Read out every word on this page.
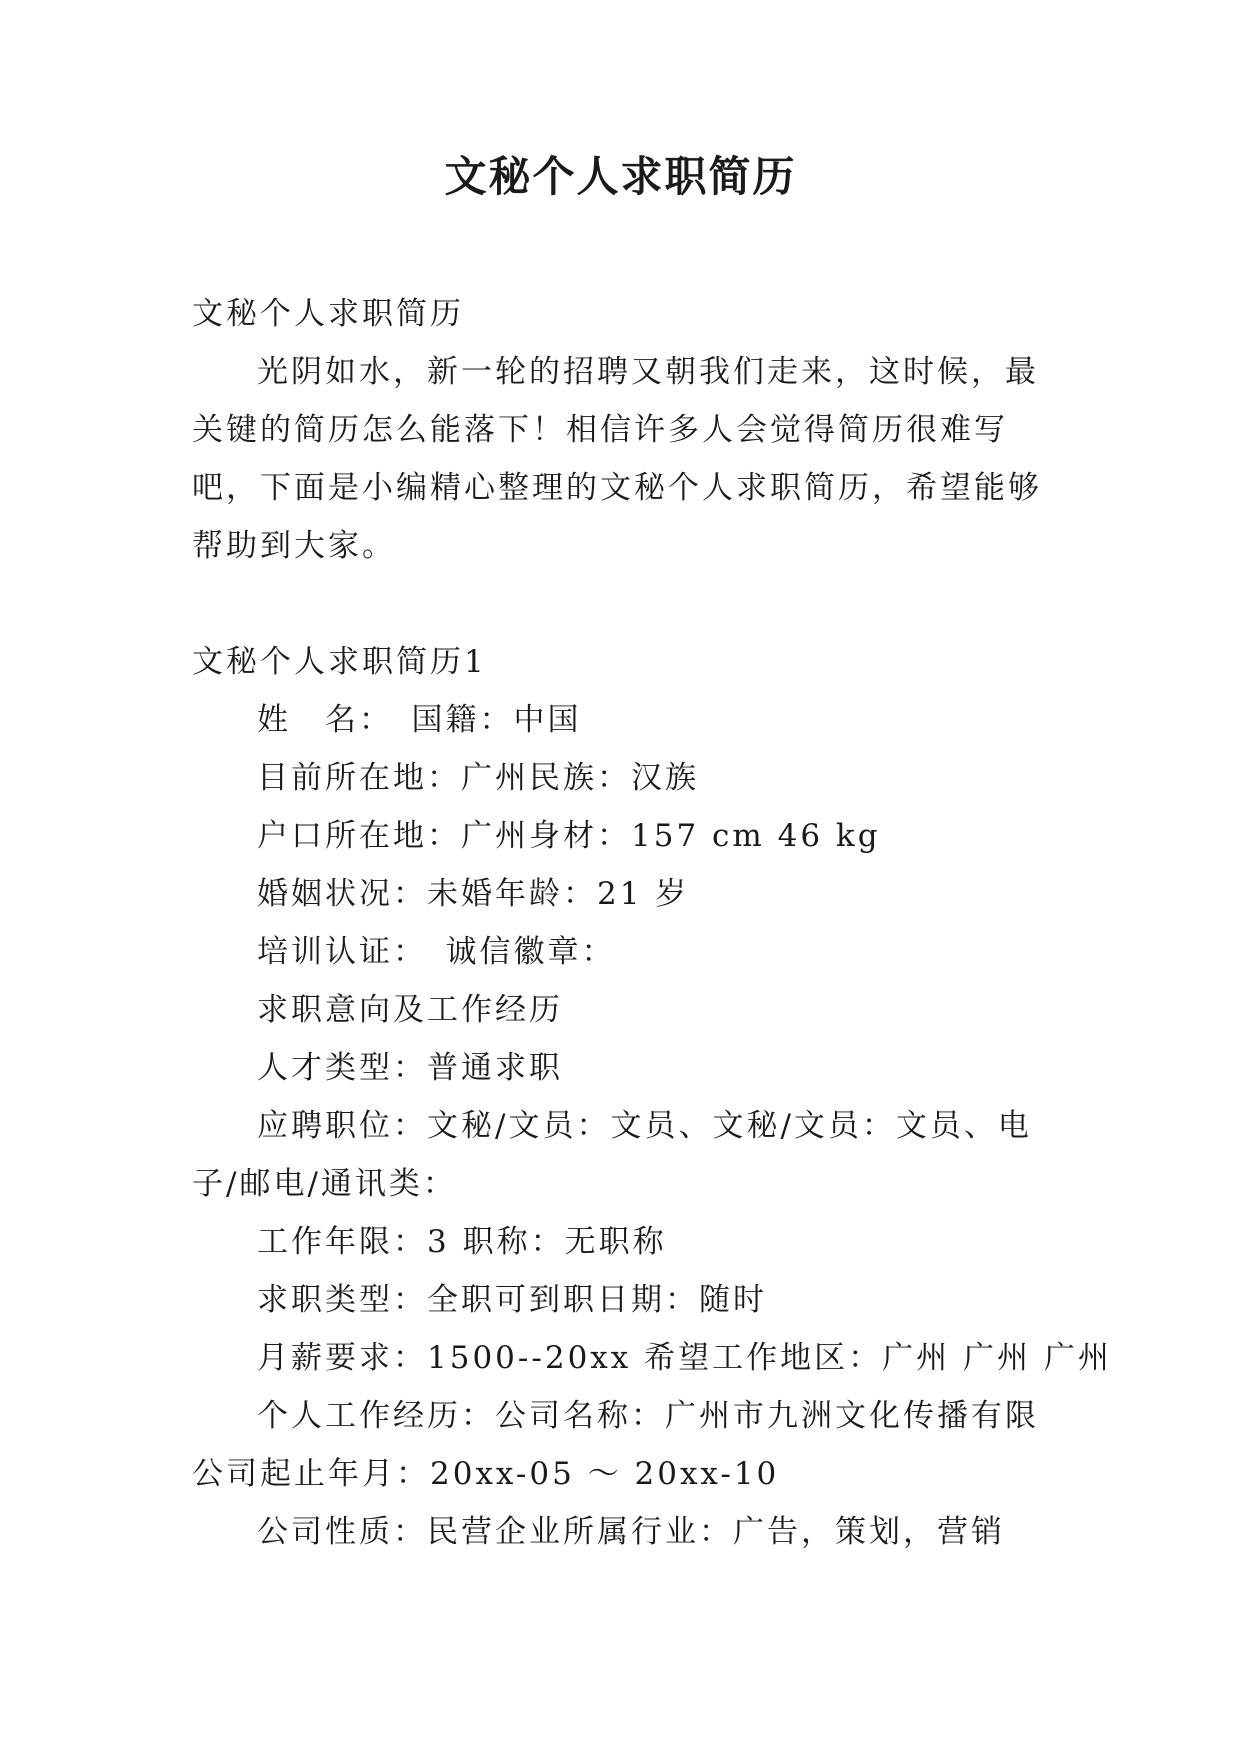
文秘个人求职简历

文秘个人求职简历

光阴如水，新一轮的招聘又朝我们走来，这时候，最关键的简历怎么能落下！相信许多人会觉得简历很难写吧，下面是小编精心整理的文秘个人求职简历，希望能够帮助到大家。

文秘个人求职简历1

姓　名：　国籍：中国

目前所在地：广州民族：汉族

户口所在地：广州身材：157 cm 46 kg

婚姻状况：未婚年龄：21 岁

培训认证：　诚信徽章：

求职意向及工作经历

人才类型：普通求职

应聘职位：文秘/文员：文员、文秘/文员：文员、电子/邮电/通讯类：

工作年限：3 职称：无职称

求职类型：全职可到职日期：随时

月薪要求：1500--20xx 希望工作地区：广州 广州 广州

个人工作经历：公司名称：广州市九洲文化传播有限公司起止年月：20xx-05 ～ 20xx-10

公司性质：民营企业所属行业：广告，策划，营销
